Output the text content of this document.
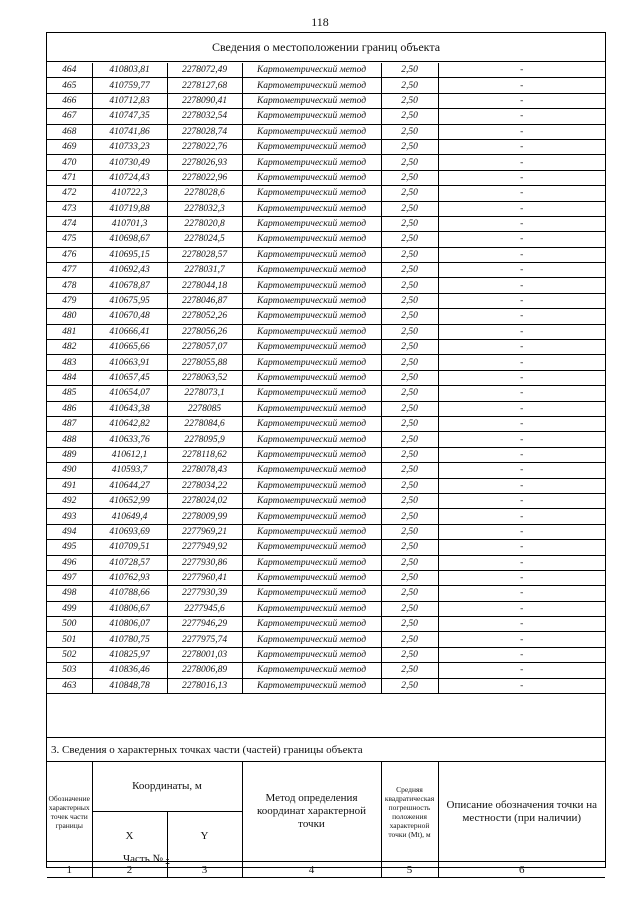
118
Сведения о местоположении границ объекта
464	410803,81	2278072,49	Картометрический метод	2,50	-
465	410759,77	2278127,68	Картометрический метод	2,50	-
466	410712,83	2278090,41	Картометрический метод	2,50	-
467	410747,35	2278032,54	Картометрический метод	2,50	-
468	410741,86	2278028,74	Картометрический метод	2,50	-
469	410733,23	2278022,76	Картометрический метод	2,50	-
470	410730,49	2278026,93	Картометрический метод	2,50	-
471	410724,43	2278022,96	Картометрический метод	2,50	-
472	410722,3	2278028,6	Картометрический метод	2,50	-
473	410719,88	2278032,3	Картометрический метод	2,50	-
474	410701,3	2278020,8	Картометрический метод	2,50	-
475	410698,67	2278024,5	Картометрический метод	2,50	-
476	410695,15	2278028,57	Картометрический метод	2,50	-
477	410692,43	2278031,7	Картометрический метод	2,50	-
478	410678,87	2278044,18	Картометрический метод	2,50	-
479	410675,95	2278046,87	Картометрический метод	2,50	-
480	410670,48	2278052,26	Картометрический метод	2,50	-
481	410666,41	2278056,26	Картометрический метод	2,50	-
482	410665,66	2278057,07	Картометрический метод	2,50	-
483	410663,91	2278055,88	Картометрический метод	2,50	-
484	410657,45	2278063,52	Картометрический метод	2,50	-
485	410654,07	2278073,1	Картометрический метод	2,50	-
486	410643,38	2278085	Картометрический метод	2,50	-
487	410642,82	2278084,6	Картометрический метод	2,50	-
488	410633,76	2278095,9	Картометрический метод	2,50	-
489	410612,1	2278118,62	Картометрический метод	2,50	-
490	410593,7	2278078,43	Картометрический метод	2,50	-
491	410644,27	2278034,22	Картометрический метод	2,50	-
492	410652,99	2278024,02	Картометрический метод	2,50	-
493	410649,4	2278009,99	Картометрический метод	2,50	-
494	410693,69	2277969,21	Картометрический метод	2,50	-
495	410709,51	2277949,92	Картометрический метод	2,50	-
496	410728,57	2277930,86	Картометрический метод	2,50	-
497	410762,93	2277960,41	Картометрический метод	2,50	-
498	410788,66	2277930,39	Картометрический метод	2,50	-
499	410806,67	2277945,6	Картометрический метод	2,50	-
500	410806,07	2277946,29	Картометрический метод	2,50	-
501	410780,75	2277975,74	Картометрический метод	2,50	-
502	410825,97	2278001,03	Картометрический метод	2,50	-
503	410836,46	2278006,89	Картометрический метод	2,50	-
463	410848,78	2278016,13	Картометрический метод	2,50	-
3. Сведения о характерных точках части (частей) границы объекта
Обозначение характерных точек части границы	Координаты, м		Метод определения координат характерной точки	Средняя квадратическая погрешность положения характерной точки (Мt), м	Описание обозначения точки на местности (при наличии)
	X	Y			
1	2	3	4	5	6
Часть № -
